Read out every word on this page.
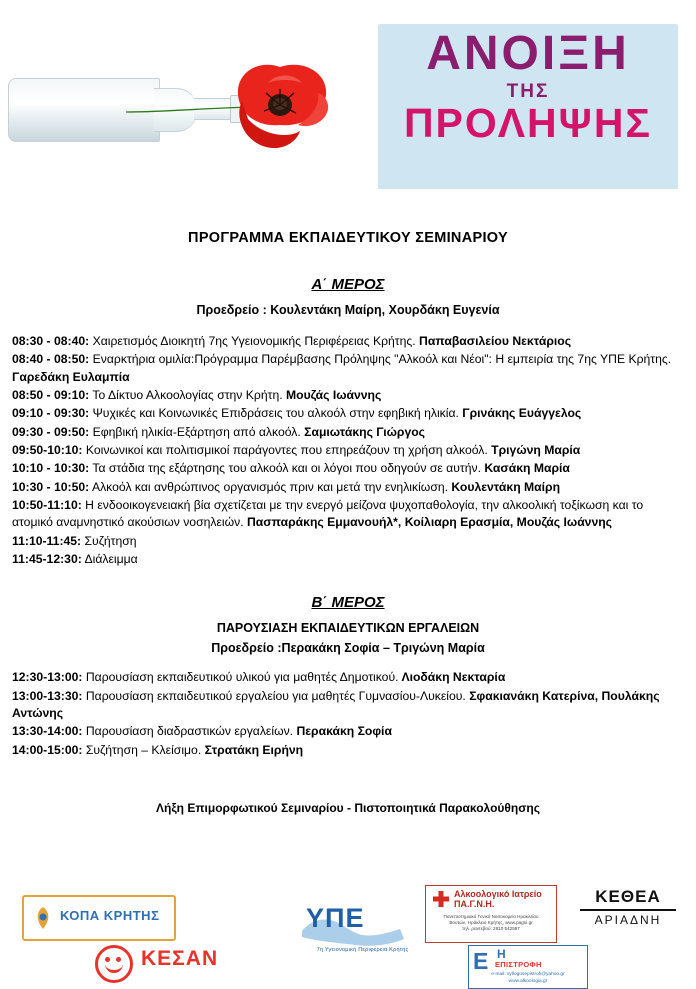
ΑΝΟΙΞΗ
ΤΗΣ
ΠΡΟΛΗΨΗΣ
ΠΡΟΓΡΑΜΜΑ ΕΚΠΑΙΔΕΥΤΙΚΟΥ ΣΕΜΙΝΑΡΙΟΥ
Α΄ ΜΕΡΟΣ
Προεδρείο : Κουλεντάκη Μαίρη, Χουρδάκη Ευγενία
08:30 - 08:40: Χαιρετισμός Διοικητή 7ης Υγειονομικής Περιφέρειας Κρήτης. Παπαβασιλείου Νεκτάριος
08:40 - 08:50: Εναρκτήρια ομιλία:Πρόγραμμα Παρέμβασης Πρόληψης "Αλκοόλ και Νέοι": Η εμπειρία της 7ης ΥΠΕ Κρήτης. Γαρεδάκη Ευλαμπία
08:50 - 09:10: Το Δίκτυο Αλκοολογίας στην Κρήτη. Μουζάς Ιωάννης
09:10 - 09:30: Ψυχικές και Κοινωνικές Επιδράσεις του αλκοόλ στην εφηβική ηλικία. Γρινάκης Ευάγγελος
09:30 - 09:50: Εφηβική ηλικία-Εξάρτηση από αλκοόλ. Σαμιωτάκης Γιώργος
09:50-10:10: Κοινωνικοί και πολιτισμικοί παράγοντες που επηρεάζουν τη χρήση αλκοόλ. Τριγώνη Μαρία
10:10 - 10:30: Τα στάδια της εξάρτησης του αλκοόλ και οι λόγοι που οδηγούν σε αυτήν. Κασάκη Μαρία
10:30 - 10:50: Αλκοόλ και ανθρώπινος οργανισμός πριν και μετά την ενηλικίωση. Κουλεντάκη Μαίρη
10:50-11:10: Η ενδοοικογενειακή βία σχετίζεται με την ενεργό μείζονα ψυχοπαθολογία, την αλκοολική τοξίκωση και το ατομικό αναμνηστικό ακούσιων νοσηλειών. Πασπαράκης Εμμανουήλ*, Κοίλιαρη Ερασμία, Μουζάς Ιωάννης
11:10-11:45: Συζήτηση
11:45-12:30: Διάλειμμα
Β΄ ΜΕΡΟΣ
ΠΑΡΟΥΣΙΑΣΗ ΕΚΠΑΙΔΕΥΤΙΚΩΝ ΕΡΓΑΛΕΙΩΝ
Προεδρείο :Περακάκη Σοφία – Τριγώνη Μαρία
12:30-13:00: Παρουσίαση εκπαιδευτικού υλικού για μαθητές Δημοτικού. Λιοδάκη Νεκταρία
13:00-13:30: Παρουσίαση εκπαιδευτικού εργαλείου για μαθητές Γυμνασίου-Λυκείου. Σφακιανάκη Κατερίνα, Πουλάκης Αντώνης
13:30-14:00: Παρουσίαση διαδραστικών εργαλείων. Περακάκη Σοφία
14:00-15:00: Συζήτηση – Κλείσιμο. Στρατάκη Ειρήνη
Λήξη Επιμορφωτικού Σεμιναρίου - Πιστοποιητικά Παρακολούθησης
ΚΟΠΑ ΚΡΗΤΗΣ
ΚΕΣΑΝ
ΥΠΕ
7η Υγειονομική Περιφέρεια Κρήτης
Αλκοολογικό Ιατρείο ΠΑ.Γ.Ν.Η.
Πανεπιστημιακό Γενικό Νοσοκομείο Ηρακλείου
Βουτών, Ηράκλειο Κρήτης, www.pagni.gr
τηλ. ραντεβού: 2810 542597
ΚΕΘΕΑ
ΑΡΙΑΔΝΗ
Ε Η
ΕΠΙΣΤΡΟΦΗ
e-mail: syllogosepistrofi@yahoo.gr
www.alkoologia.gr
